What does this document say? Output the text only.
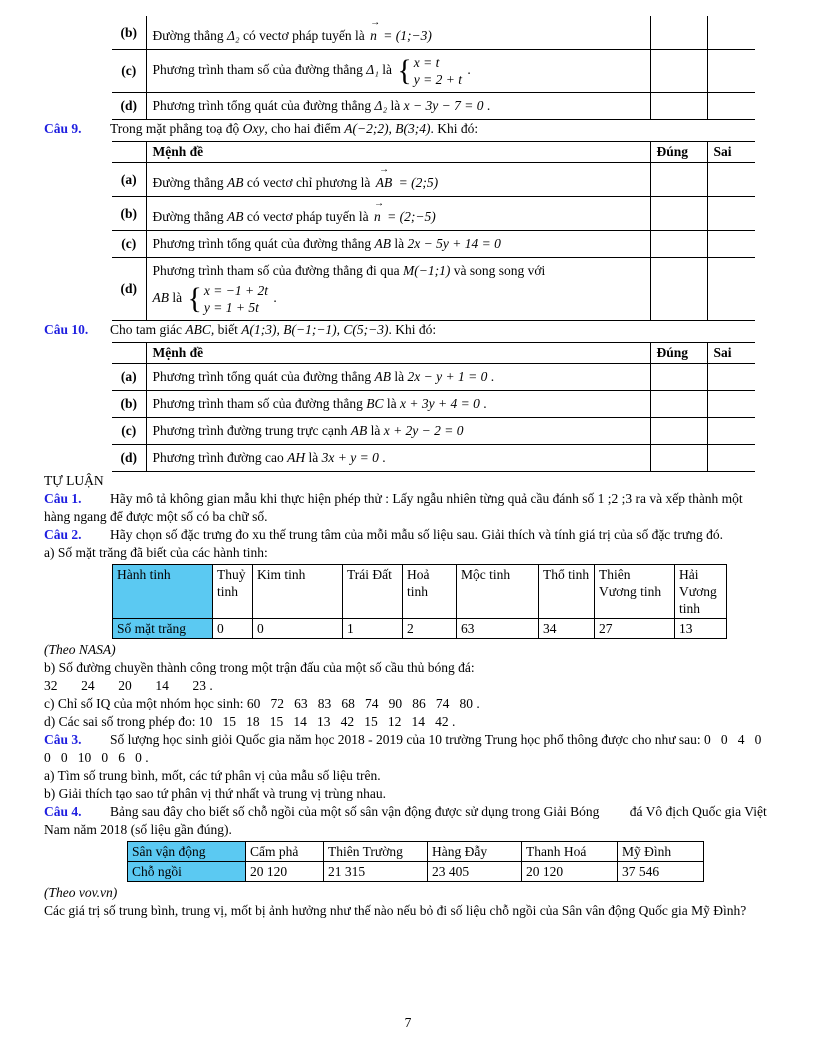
(b)	Đường thẳng Δ₂ có vectơ pháp tuyến là n → = (1;−3)		
(c)	Phương trình tham số của đường thẳng Δ₁ là { x = t
y = 2 + t
.		
(d)	Phương trình tổng quát của đường thẳng Δ₂ là x − 3y − 7 = 0 .		

Câu 9. Trong mặt phẳng toạ độ Oxy, cho hai điểm A(−2;2), B(3;4). Khi đó:

	Mệnh đề	Đúng	Sai
(a)	Đường thẳng AB có vectơ chỉ phương là AB → = (2;5)		
(b)	Đường thẳng AB có vectơ pháp tuyến là n → = (2;−5)		
(c)	Phương trình tổng quát của đường thẳng AB là 2x − 5y + 14 = 0		
(d)	
Phương trình tham số của đường thẳng đi qua M(−1;1) và song song với
AB là { x = −1 + 2t
y = 1 + 5t
.

Câu 10. Cho tam giác ABC, biết A(1;3), B(−1;−1), C(5;−3). Khi đó:

	Mệnh đề	Đúng	Sai
(a)	Phương trình tổng quát của đường thẳng AB là 2x − y + 1 = 0 .		
(b)	Phương trình tham số của đường thẳng BC là x + 3y + 4 = 0 .		
(c)	Phương trình đường trung trực cạnh AB là x + 2y − 2 = 0		
(d)	Phương trình đường cao AH là 3x + y = 0 .		

TỰ LUẬN

Câu 1. Hãy mô tả không gian mẫu khi thực hiện phép thử : Lấy ngẫu nhiên từng quả cầu đánh số 1 ;2 ;3 ra và xếp thành một hàng ngang để được một số có ba chữ số.

Câu 2. Hãy chọn số đặc trưng đo xu thế trung tâm của mỗi mẫu số liệu sau. Giải thích và tính giá trị của số đặc trưng đó.

a) Số mặt trăng đã biết của các hành tinh:

Hành tinh	Thuỷ tinh	Kim tinh	Trái Đất	Hoả tinh	Mộc tinh	Thổ tinh	Thiên Vương tinh	Hải Vương tinh
Số mặt trăng	0	0	1	2	63	34	27	13

(Theo NASA)

b) Số đường chuyền thành công trong một trận đấu của một số cầu thủ bóng đá:

32   24   20   14   23 .

c) Chỉ số IQ của một nhóm học sinh: 60  72  63  83  68  74  90  86  74  80 .

d) Các sai số trong phép đo: 10  15  18  15  14  13  42  15  12  14  42 .

Câu 3. Số lượng học sinh giỏi Quốc gia năm học 2018 - 2019 của 10 trường Trung học phổ thông được cho như sau: 0  0  4  0  0  0  10  0  6  0 .

a) Tìm số trung bình, mốt, các tứ phân vị của mẫu số liệu trên.

b) Giải thích tạo sao tứ phân vị thứ nhất và trung vị trùng nhau.

Câu 4. Bảng sau đây cho biết số chỗ ngồi của một số sân vận động được sử dụng trong Giải Bóng   đá Vô địch Quốc gia Việt Nam năm 2018 (số liệu gần đúng).

Sân vận động	Cẩm phả	Thiên Trường	Hàng Đẫy	Thanh Hoá	Mỹ Đình
Chỗ ngồi	20 120	21 315	23 405	20 120	37 546

(Theo vov.vn)

Các giá trị số trung bình, trung vị, mốt bị ảnh hưởng như thế nào nếu bỏ đi số liệu chỗ ngồi của Sân vân động Quốc gia Mỹ Đình?

7
